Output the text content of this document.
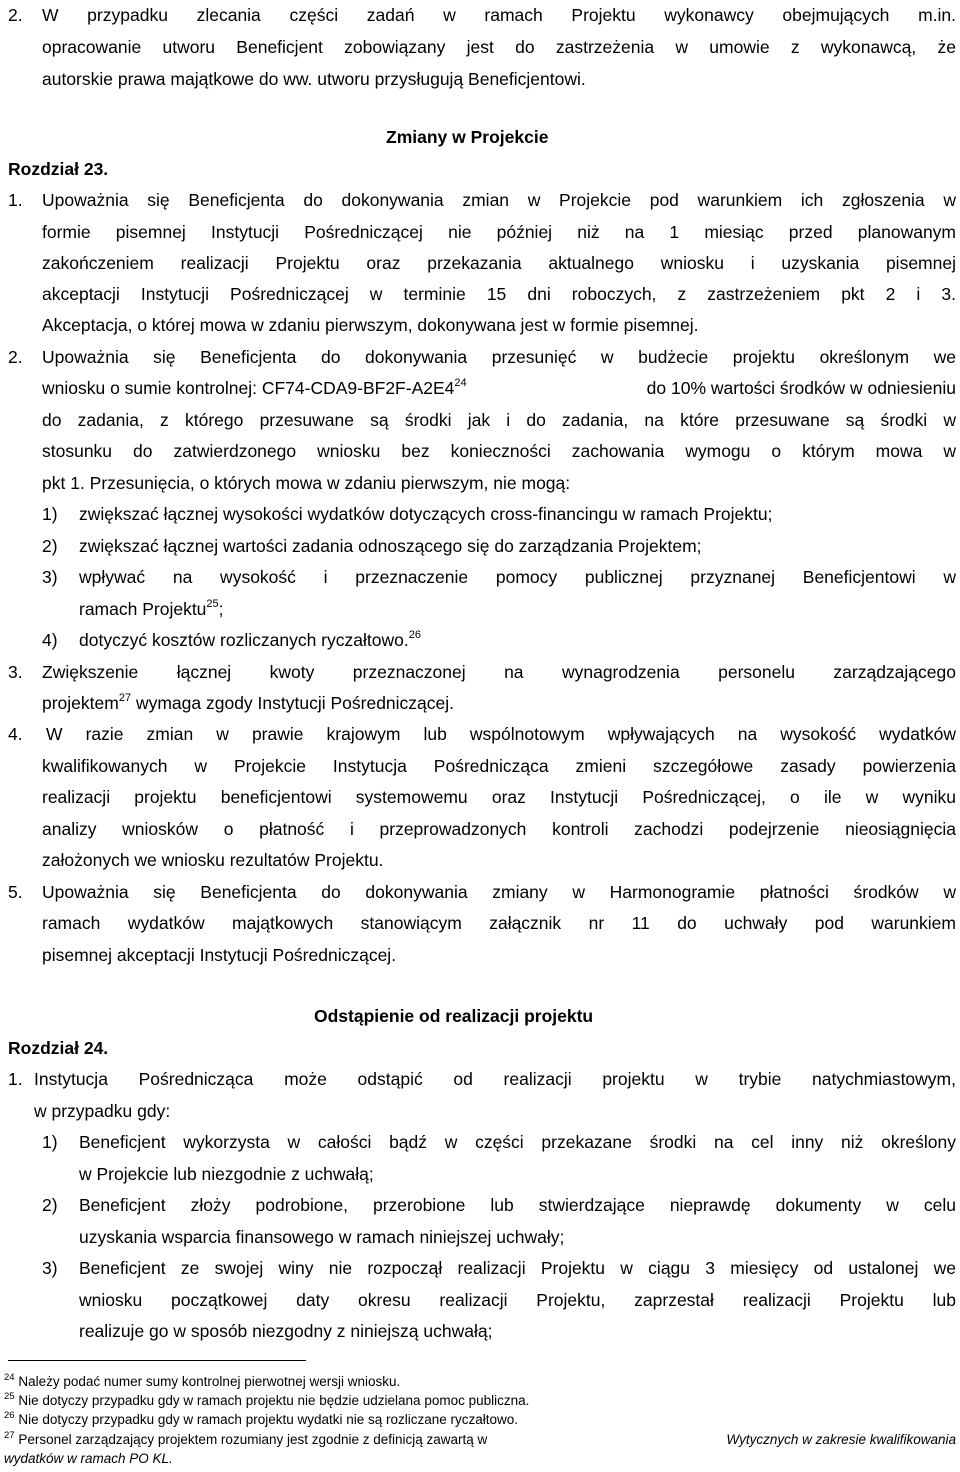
2. W przypadku zlecania części zadań w ramach Projektu wykonawcy obejmujących m.in.
opracowanie utworu Beneficjent zobowiązany jest do zastrzeżenia w umowie z wykonawcą, że
autorskie prawa majątkowe do ww. utworu przysługują Beneficjentowi.
Zmiany w Projekcie
Rozdział 23.
1. Upoważnia się Beneficjenta do dokonywania zmian w Projekcie pod warunkiem ich zgłoszenia w
formie pisemnej Instytucji Pośredniczącej nie później niż na 1 miesiąc przed planowanym
zakończeniem realizacji Projektu oraz przekazania aktualnego wniosku i uzyskania pisemnej
akceptacji Instytucji Pośredniczącej w terminie 15 dni roboczych, z zastrzeżeniem pkt 2 i 3.
Akceptacja, o której mowa w zdaniu pierwszym, dokonywana jest w formie pisemnej.
2. Upoważnia się Beneficjenta do dokonywania przesunięć w budżecie projektu określonym we
wniosku o sumie kontrolnej: $CF74-CDA9-BF2F-A2E4^{24}$	do 10% wartości środków w odniesieniu
do zadania, z którego przesuwane są środki jak i do zadania, na które przesuwane są środki w
stosunku do zatwierdzonego wniosku bez konieczności zachowania wymogu o którym mowa w
pkt 1. Przesunięcia, o których mowa w zdaniu pierwszym, nie mogą:
1) zwiększać łącznej wysokości wydatków dotyczących cross-financingu w ramach Projektu;
2) zwiększać łącznej wartości zadania odnoszącego się do zarządzania Projektem;
3) wpływać na wysokość i przeznaczenie pomocy publicznej przyznanej Beneficjentowi w
ramach Projektu$^{25}$;
4) dotyczyć kosztów rozliczanych ryczałtowo.$^{26}$
3. Zwiększenie łącznej kwoty przeznaczonej na wynagrodzenia personelu zarządzającego
projektem$^{27}$ wymaga zgody Instytucji Pośredniczącej.
4. W razie zmian w prawie krajowym lub wspólnotowym wpływających na wysokość wydatków
kwalifikowanych w Projekcie Instytucja Pośrednicząca zmieni szczegółowe zasady powierzenia
realizacji projektu beneficjentowi systemowemu oraz Instytucji Pośredniczącej, o ile w wyniku
analizy wniosków o płatność i przeprowadzonych kontroli zachodzi podejrzenie nieosiągnięcia
założonych we wniosku rezultatów Projektu.
5. Upoważnia się Beneficjenta do dokonywania zmiany w Harmonogramie płatności środków w
ramach wydatków majątkowych stanowiącym załącznik nr 11 do uchwały pod warunkiem
pisemnej akceptacji Instytucji Pośredniczącej.
Odstąpienie od realizacji projektu
Rozdział 24.
1. Instytucja Pośrednicząca może odstąpić od realizacji projektu w trybie natychmiastowym,
w przypadku gdy:
1) Beneficjent wykorzysta w całości bądź w części przekazane środki na cel inny niż określony
w Projekcie lub niezgodnie z uchwałą;
2) Beneficjent złoży podrobione, przerobione lub stwierdzające nieprawdę dokumenty w celu
uzyskania wsparcia finansowego w ramach niniejszej uchwały;
3) Beneficjent ze swojej winy nie rozpoczął realizacji Projektu w ciągu 3 miesięcy od ustalonej we
wniosku początkowej daty okresu realizacji Projektu, zaprzestał realizacji Projektu lub
realizuje go w sposób niezgodny z niniejszą uchwałą;
$^{24}$ Należy podać numer sumy kontrolnej pierwotnej wersji wniosku.
$^{25}$ Nie dotyczy przypadku gdy w ramach projektu nie będzie udzielana pomoc publiczna.
$^{26}$ Nie dotyczy przypadku gdy w ramach projektu wydatki nie są rozliczane ryczałtowo.
$^{27}$ Personel zarządzający projektem rozumiany jest zgodnie z definicją zawartą w	Wytycznych w zakresie kwalifikowania
wydatków w ramach PO KL.
